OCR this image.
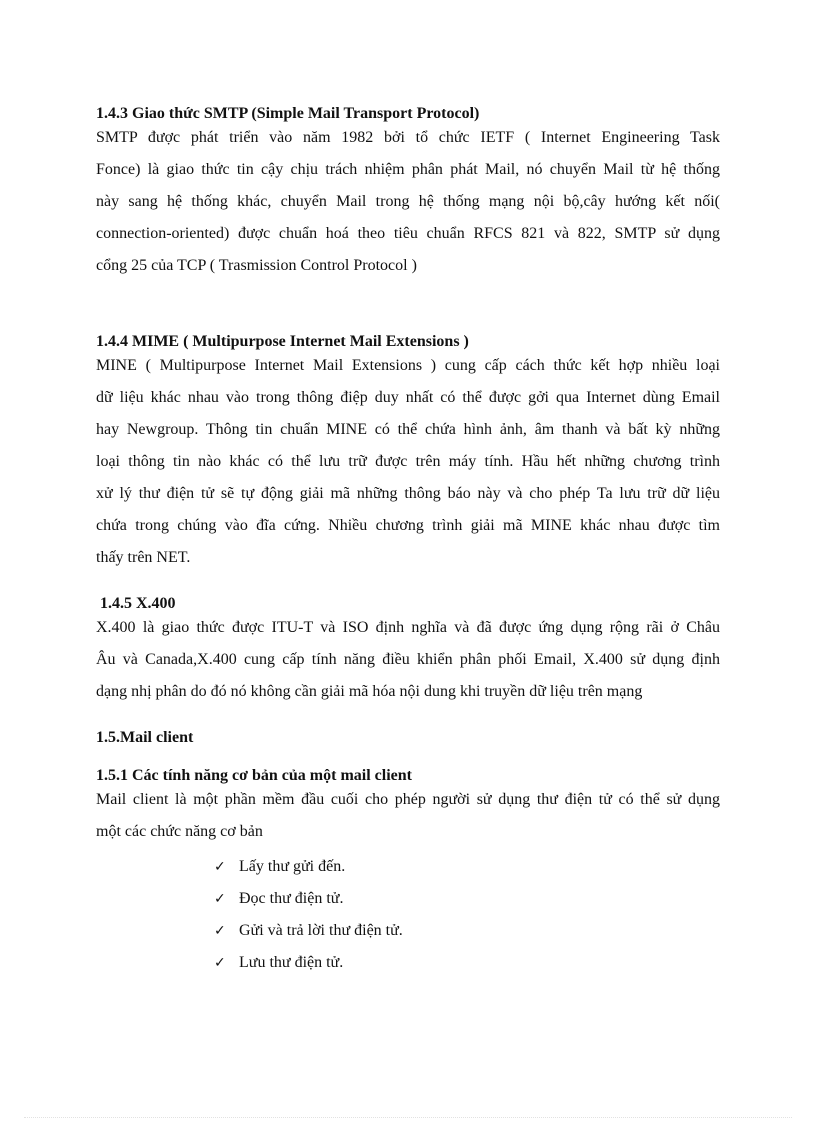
1.4.3 Giao thức SMTP (Simple Mail Transport Protocol)
SMTP được phát triển vào năm 1982 bởi tổ chức IETF ( Internet Engineering Task
Fonce) là giao thức tin cậy chịu trách nhiệm phân phát Mail, nó chuyển Mail từ hệ thống
này sang hệ thống khác, chuyển Mail trong hệ thống mạng nội bộ,cây hướng kết nối(
connection-oriented) được chuẩn hoá theo tiêu chuẩn RFCS 821 và 822, SMTP sử dụng
cổng 25 của TCP ( Trasmission Control Protocol )
1.4.4 MIME ( Multipurpose Internet Mail Extensions )
MINE ( Multipurpose Internet Mail Extensions ) cung cấp cách thức kết hợp nhiều loại
dữ liệu khác nhau vào trong thông điệp duy nhất có thể được gởi qua Internet dùng Email
hay Newgroup. Thông tin chuẩn MINE có thể chứa hình ảnh, âm thanh và bất kỳ những
loại thông tin nào khác có thể lưu trữ được trên máy tính. Hầu hết những chương trình
xử lý thư điện tử sẽ tự động giải mã những thông báo này và cho phép Ta lưu trữ dữ liệu
chứa trong chúng vào đĩa cứng. Nhiều chương trình giải mã MINE khác nhau được tìm
thấy trên NET.
1.4.5 X.400
X.400 là giao thức được ITU-T và ISO định nghĩa và đã được ứng dụng rộng rãi ở Châu
Âu và Canada,X.400 cung cấp tính năng điều khiển phân phối Email, X.400 sử dụng định
dạng nhị phân do đó nó không cần giải mã hóa nội dung khi truyền dữ liệu trên mạng
1.5.Mail client
1.5.1 Các tính năng cơ bản của một mail client
Mail client là một phần mềm đầu cuối cho phép người sử dụng thư điện tử có thể sử dụng
một các chức năng cơ bản
✓ Lấy thư gửi đến.
✓ Đọc thư điện tử.
✓ Gửi và trả lời thư điện tử.
✓ Lưu thư điện tử.
